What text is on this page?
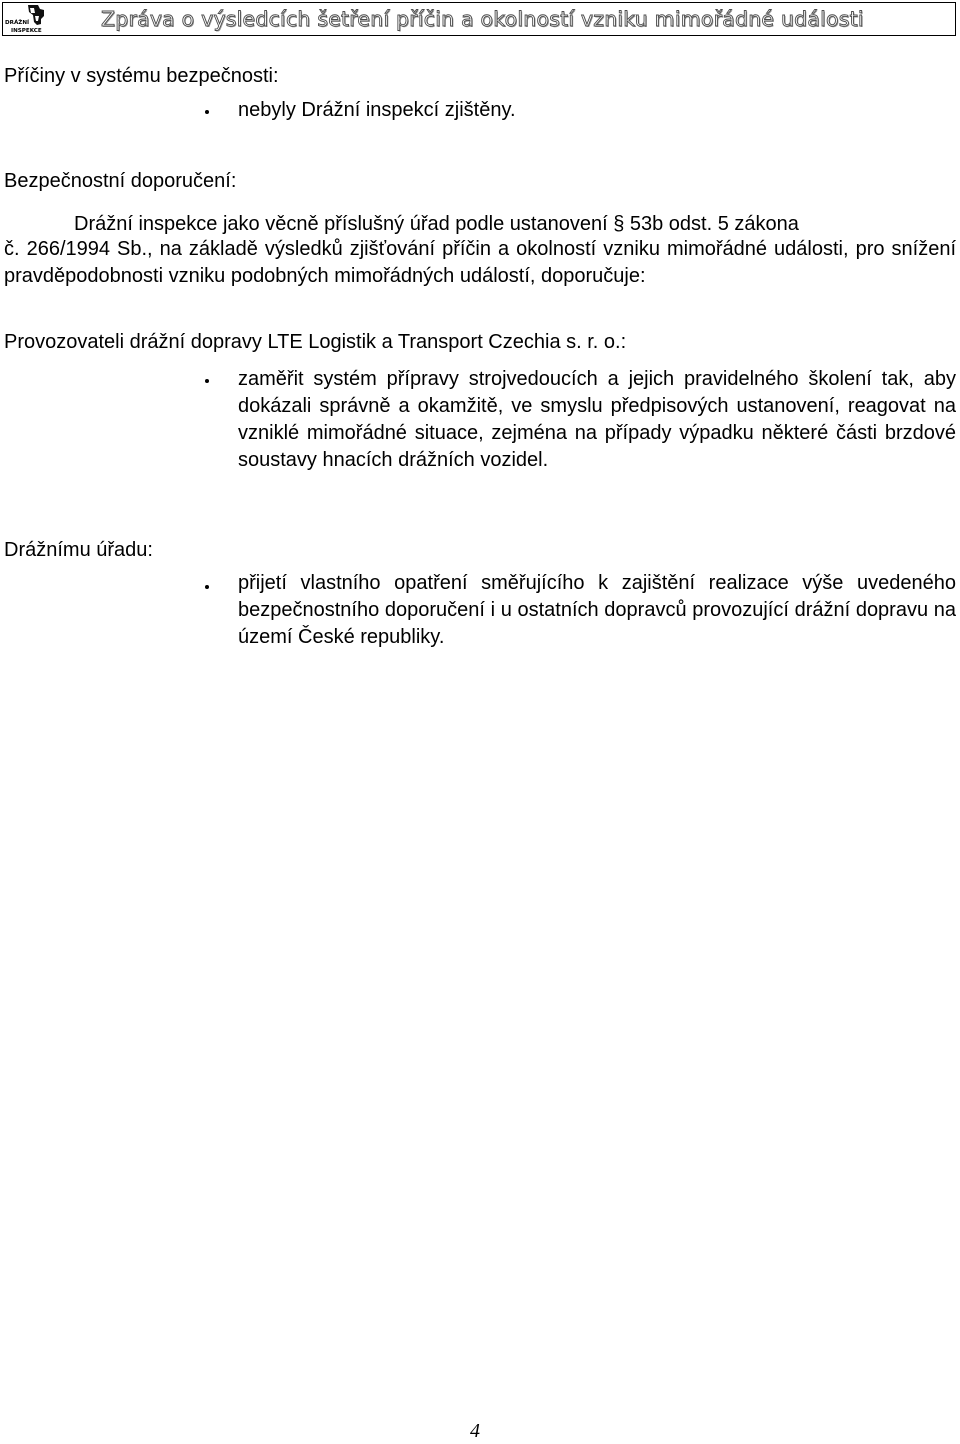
DRÁŽNÍ
INSPEKCE	Zpráva o výsledcích šetření příčin a okolností vzniku mimořádné události
Příčiny v systému bezpečnosti:
nebyly Drážní inspekcí zjištěny.
Bezpečnostní doporučení:
Drážní inspekce jako věcně příslušný úřad podle ustanovení § 53b odst. 5 zákona

č. 266/1994 Sb., na základě výsledků zjišťování příčin a okolností vzniku mimořádné události, pro snížení pravděpodobnosti vzniku podobných mimořádných událostí, doporučuje:

Provozovateli drážní dopravy LTE Logistik a Transport Czechia s. r. o.:

zaměřit systém přípravy strojvedoucích a jejich pravidelného školení tak, aby dokázali správně a okamžitě, ve smyslu předpisových ustanovení, reagovat na vzniklé mimořádné situace, zejména na případy výpadku některé části brzdové soustavy hnacích drážních vozidel.

Drážnímu úřadu:

přijetí vlastního opatření směřujícího k zajištění realizace výše uvedeného bezpečnostního doporučení i u ostatních dopravců provozující drážní dopravu na území České republiky.

4
